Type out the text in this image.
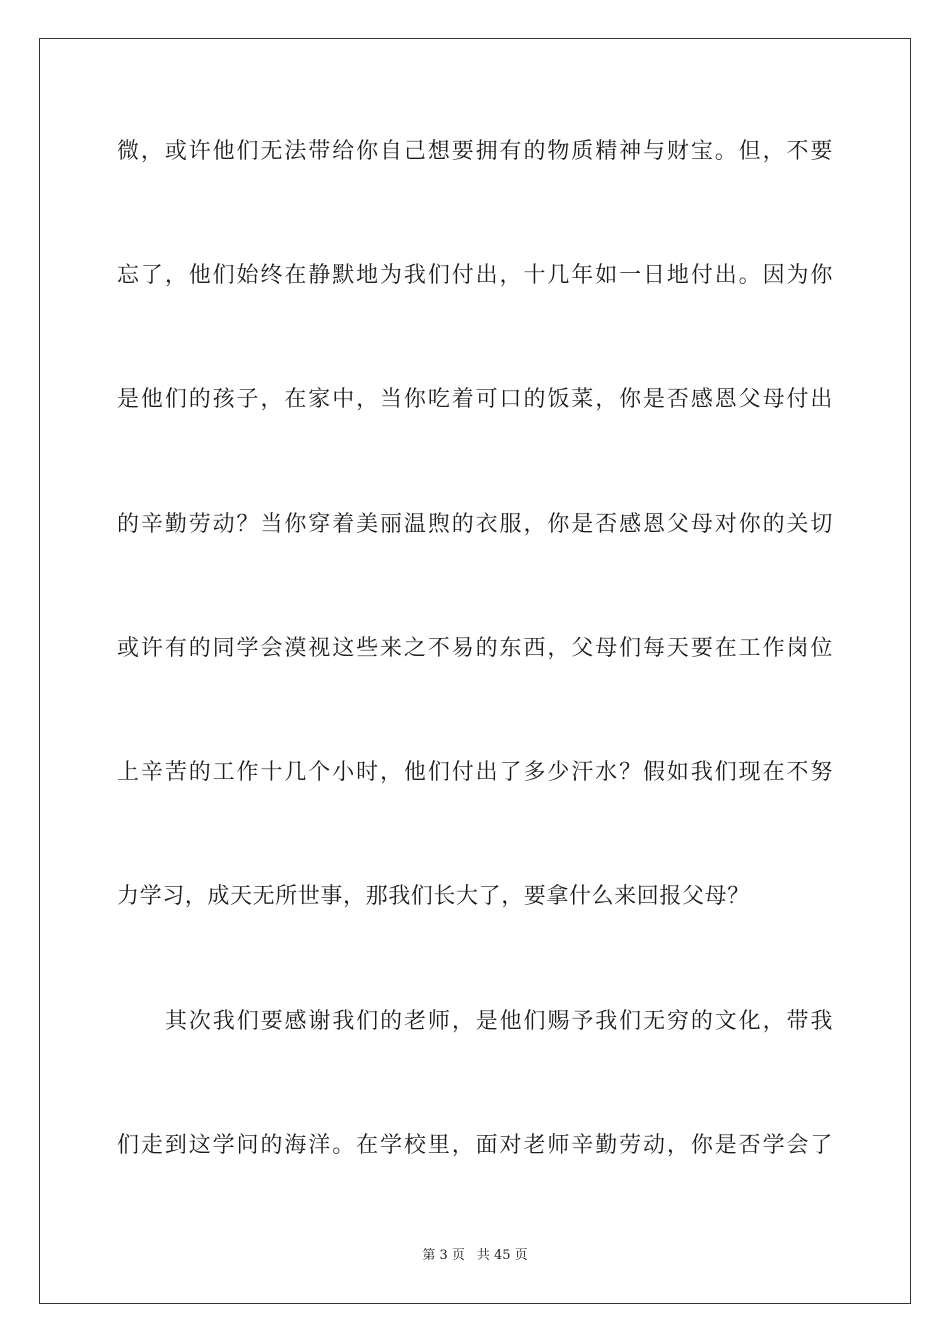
微，或许他们无法带给你自己想要拥有的物质精神与财宝。但，不要
忘了，他们始终在静默地为我们付出，十几年如一日地付出。因为你
是他们的孩子，在家中，当你吃着可口的饭菜，你是否感恩父母付出
的辛勤劳动？当你穿着美丽温煦的衣服，你是否感恩父母对你的关切
或许有的同学会漠视这些来之不易的东西，父母们每天要在工作岗位
上辛苦的工作十几个小时，他们付出了多少汗水？假如我们现在不努
力学习，成天无所世事，那我们长大了，要拿什么来回报父母？
其次我们要感谢我们的老师，是他们赐予我们无穷的文化，带我
们走到这学问的海洋。在学校里，面对老师辛勤劳动，你是否学会了
第 3 页 共 45 页
